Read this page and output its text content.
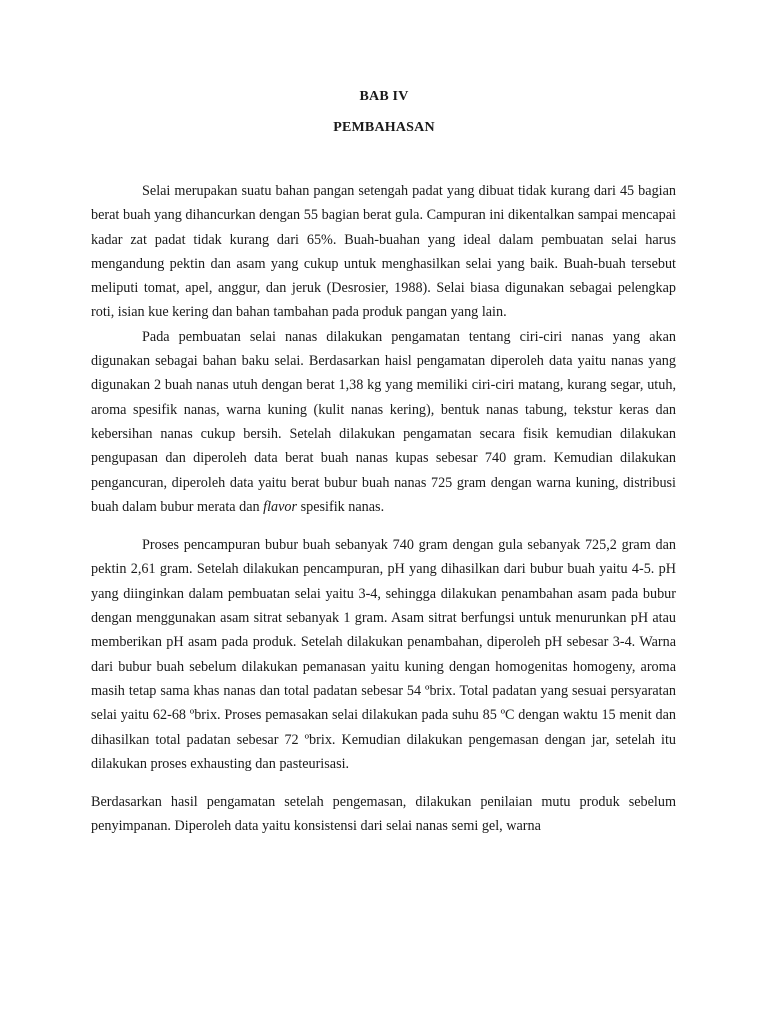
BAB IV
PEMBAHASAN

Selai merupakan suatu bahan pangan setengah padat yang dibuat tidak kurang dari 45 bagian berat buah yang dihancurkan dengan 55 bagian berat gula. Campuran ini dikentalkan sampai mencapai kadar zat padat tidak kurang dari 65%. Buah-buahan yang ideal dalam pembuatan selai harus mengandung pektin dan asam yang cukup untuk menghasilkan selai yang baik. Buah-buah tersebut meliputi tomat, apel, anggur, dan jeruk (Desrosier, 1988). Selai biasa digunakan sebagai pelengkap roti, isian kue kering dan bahan tambahan pada produk pangan yang lain.

Pada pembuatan selai nanas dilakukan pengamatan tentang ciri-ciri nanas yang akan digunakan sebagai bahan baku selai. Berdasarkan haisl pengamatan diperoleh data yaitu nanas yang digunakan 2 buah nanas utuh dengan berat 1,38 kg yang memiliki ciri-ciri matang, kurang segar, utuh, aroma spesifik nanas, warna kuning (kulit nanas kering), bentuk nanas tabung, tekstur keras dan kebersihan nanas cukup bersih. Setelah dilakukan pengamatan secara fisik kemudian dilakukan pengupasan dan diperoleh data berat buah nanas kupas sebesar 740 gram. Kemudian dilakukan pengancuran, diperoleh data yaitu berat bubur buah nanas 725 gram dengan warna kuning, distribusi buah dalam bubur merata dan flavor spesifik nanas.

Proses pencampuran bubur buah sebanyak 740 gram dengan gula sebanyak 725,2 gram dan pektin 2,61 gram. Setelah dilakukan pencampuran, pH yang dihasilkan dari bubur buah yaitu 4-5. pH yang diinginkan dalam pembuatan selai yaitu 3-4, sehingga dilakukan penambahan asam pada bubur dengan menggunakan asam sitrat sebanyak 1 gram. Asam sitrat berfungsi untuk menurunkan pH atau memberikan pH asam pada produk. Setelah dilakukan penambahan, diperoleh pH sebesar 3-4. Warna dari bubur buah sebelum dilakukan pemanasan yaitu kuning dengan homogenitas homogeny, aroma masih tetap sama khas nanas dan total padatan sebesar 54 ºbrix. Total padatan yang sesuai persyaratan selai yaitu 62-68 ºbrix. Proses pemasakan selai dilakukan pada suhu 85 ºC dengan waktu 15 menit dan dihasilkan total padatan sebesar 72 ºbrix. Kemudian dilakukan pengemasan dengan jar, setelah itu dilakukan proses exhausting dan pasteurisasi.

Berdasarkan hasil pengamatan setelah pengemasan, dilakukan penilaian mutu produk sebelum penyimpanan. Diperoleh data yaitu konsistensi dari selai nanas semi gel, warna
